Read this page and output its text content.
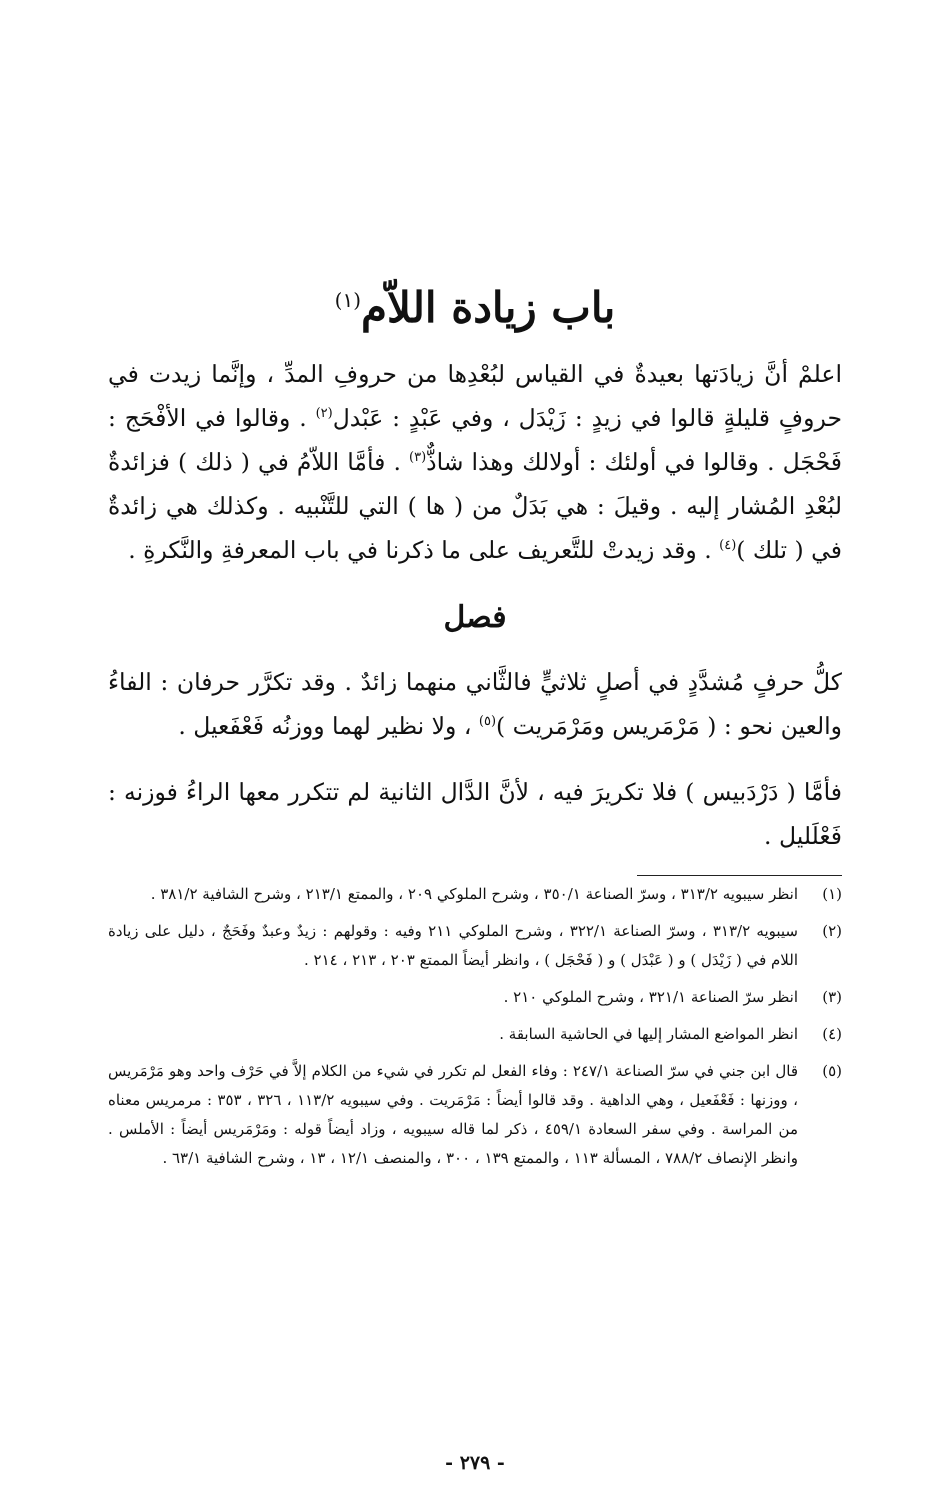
باب زيادة اللاّم$^{(١)}$

اعلمْ أنَّ زيادَتها بعيدةٌ في القياس لبُعْدِها من حروفِ المدِّ ، وإنَّما زيدت في حروفٍ قليلةٍ قالوا في زيدٍ : زَيْدَل ، وفي عَبْدٍ : عَبْدل$^{(٢)}$ . وقالوا في الأفْحَج : فَحْجَل . وقالوا في أولئك : أولالك وهذا شاذٌّ$^{(٣)}$ . فأمَّا اللاّمُ في ( ذلك ) فزائدةٌ لبُعْدِ المُشار إليه . وقيلَ : هي بَدَلٌ من ( ها ) التي للتَّنْبيه . وكذلك هي زائدةٌ في ( تلك )$^{(٤)}$ . وقد زيدتْ للتَّعريف على ما ذكرنا في باب المعرفةِ والنَّكرةِ .

فصل

كلُّ حرفٍ مُشدَّدٍ في أصلٍ ثلاثيٍّ فالثَّاني منهما زائدٌ . وقد تكرَّر حرفان : الفاءُ والعين نحو : ( مَرْمَريس ومَرْمَريت )$^{(٥)}$ ، ولا نظير لهما ووزنُه فَعْفَعيل .

فأمَّا ( دَرْدَبيس ) فلا تكريرَ فيه ، لأنَّ الدَّال الثانية لم تتكرر معها الراءُ فوزنه : فَعْلَليل .

(١)
انظر سيبويه ٣١٣/٢ ، وسرّ الصناعة ٣٥٠/١ ، وشرح الملوكي ٢٠٩ ، والممتع ٢١٣/١ ، وشرح الشافية ٣٨١/٢ .
(٢)
سيبويه ٣١٣/٢ ، وسرّ الصناعة ٣٢٢/١ ، وشرح الملوكي ٢١١ وفيه : وقولهم : زيدٌ وعبدٌ وفَحَجٌ ، دليل على زيادة اللام في ( زَيْدَل ) و ( عَبْدَل ) و ( فَحْجَل ) ، وانظر أيضاً الممتع ٢٠٣ ، ٢١٣ ، ٢١٤ .
(٣)
انظر سرّ الصناعة ٣٢١/١ ، وشرح الملوكي ٢١٠ .
(٤)
انظر المواضع المشار إليها في الحاشية السابقة .
(٥)
قال ابن جني في سرّ الصناعة ٢٤٧/١ : وفاء الفعل لم تكرر في شيء من الكلام إلاَّ في حَرْف واحد وهو مَرْمَريس ، ووزنها : فَعْفَعيل ، وهي الداهية . وقد قالوا أيضاً : مَرْمَريت . وفي سيبويه ١١٣/٢ ، ٣٢٦ ، ٣٥٣ : مرمريس معناه من المراسة . وفي سفر السعادة ٤٥٩/١ ، ذكر لما قاله سيبويه ، وزاد أيضاً قوله : ومَرْمَريس أيضاً : الأملس . وانظر الإنصاف ٧٨٨/٢ ، المسألة ١١٣ ، والممتع ١٣٩ ، ٣٠٠ ، والمنصف ١٢/١ ، ١٣ ، وشرح الشافية ٦٣/١ .
- ٢٧٩ -
